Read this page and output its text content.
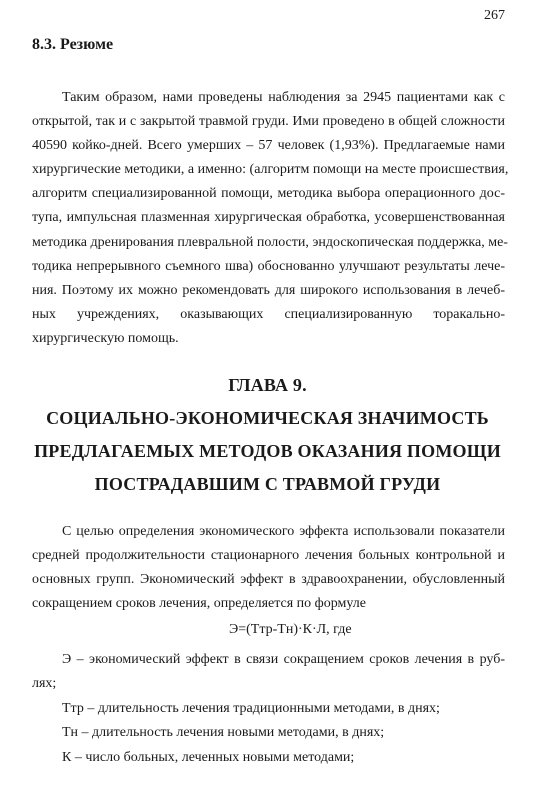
267
8.3. Резюме
Таким образом, нами проведены наблюдения за 2945 пациентами как с
открытой, так и с закрытой травмой груди. Ими проведено в общей сложности
40590 койко-дней. Всего умерших – 57 человек (1,93%). Предлагаемые нами
хирургические методики, а именно: (алгоритм помощи на месте происшествия,
алгоритм специализированной помощи, методика выбора операционного дос-
тупа, импульсная плазменная хирургическая обработка, усовершенствованная
методика дренирования плевральной полости, эндоскопическая поддержка, ме-
тодика непрерывного съемного шва) обоснованно улучшают результаты лече-
ния. Поэтому их можно рекомендовать для широкого использования в лечеб-
ных учреждениях, оказывающих специализированную торакально-
хирургическую помощь.
ГЛАВА 9.
СОЦИАЛЬНО-ЭКОНОМИЧЕСКАЯ ЗНАЧИМОСТЬ
ПРЕДЛАГАЕМЫХ МЕТОДОВ ОКАЗАНИЯ ПОМОЩИ
ПОСТРАДАВШИМ С ТРАВМОЙ ГРУДИ
С целью определения экономического эффекта использовали показатели
средней продолжительности стационарного лечения больных контрольной и
основных групп. Экономический эффект в здравоохранении, обусловленный
сокращением сроков лечения, определяется по формуле
Э=(Ттр-Тн)·К·Л, где
Э – экономический эффект в связи сокращением сроков лечения в руб-
лях;
Ттр – длительность лечения традиционными методами, в днях;
Тн – длительность лечения новыми методами, в днях;
К – число больных, леченных новыми методами;
